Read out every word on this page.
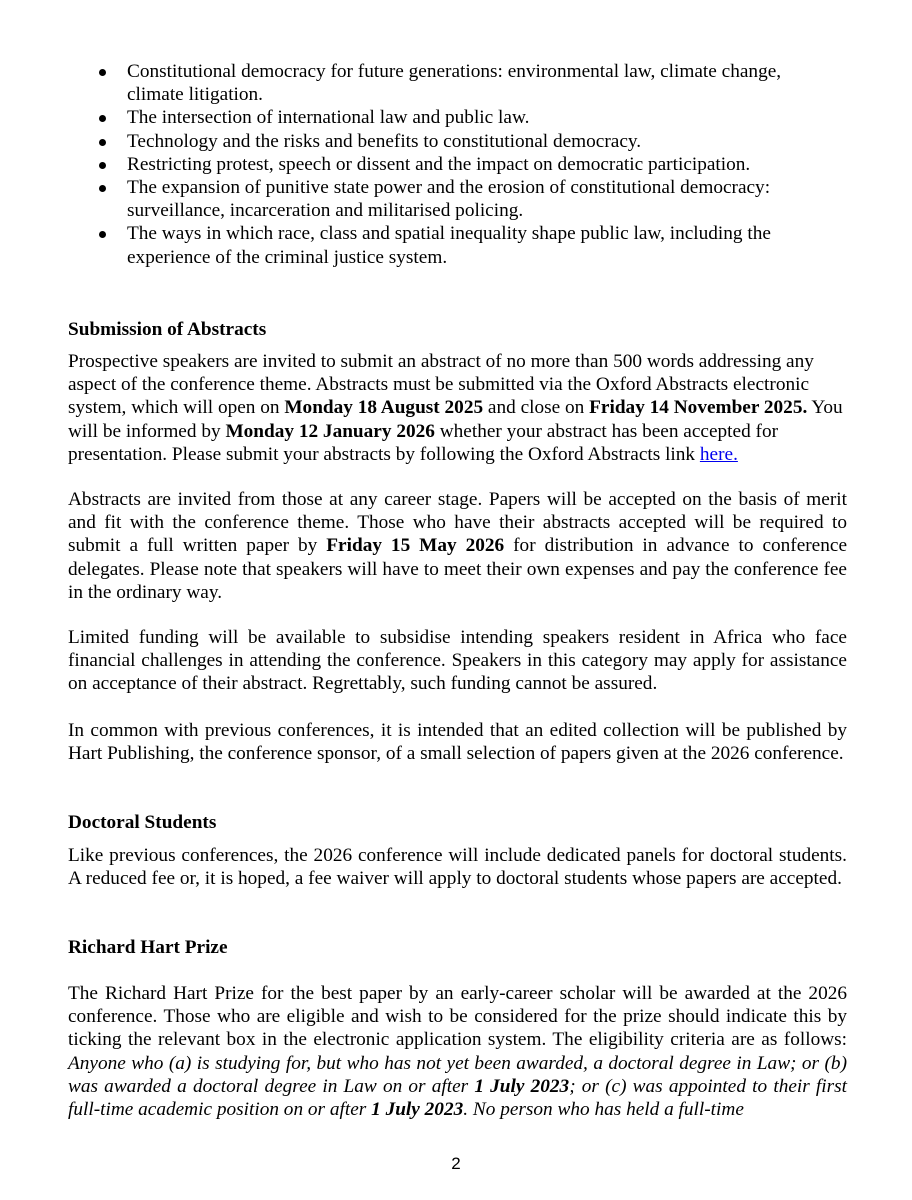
Constitutional democracy for future generations: environmental law, climate change, climate litigation.
The intersection of international law and public law.
Technology and the risks and benefits to constitutional democracy.
Restricting protest, speech or dissent and the impact on democratic participation.
The expansion of punitive state power and the erosion of constitutional democracy: surveillance, incarceration and militarised policing.
The ways in which race, class and spatial inequality shape public law, including the experience of the criminal justice system.
Submission of Abstracts

Prospective speakers are invited to submit an abstract of no more than 500 words addressing any aspect of the conference theme. Abstracts must be submitted via the Oxford Abstracts electronic system, which will open on Monday 18 August 2025 and close on Friday 14 November 2025. You will be informed by Monday 12 January 2026 whether your abstract has been accepted for presentation. Please submit your abstracts by following the Oxford Abstracts link here.

Abstracts are invited from those at any career stage. Papers will be accepted on the basis of merit and fit with the conference theme. Those who have their abstracts accepted will be required to submit a full written paper by Friday 15 May 2026 for distribution in advance to conference delegates. Please note that speakers will have to meet their own expenses and pay the conference fee in the ordinary way.

Limited funding will be available to subsidise intending speakers resident in Africa who face financial challenges in attending the conference. Speakers in this category may apply for assistance on acceptance of their abstract. Regrettably, such funding cannot be assured.

In common with previous conferences, it is intended that an edited collection will be published by Hart Publishing, the conference sponsor, of a small selection of papers given at the 2026 conference.

Doctoral Students

Like previous conferences, the 2026 conference will include dedicated panels for doctoral students. A reduced fee or, it is hoped, a fee waiver will apply to doctoral students whose papers are accepted.

Richard Hart Prize

The Richard Hart Prize for the best paper by an early-career scholar will be awarded at the 2026 conference. Those who are eligible and wish to be considered for the prize should indicate this by ticking the relevant box in the electronic application system. The eligibility criteria are as follows: Anyone who (a) is studying for, but who has not yet been awarded, a doctoral degree in Law; or (b) was awarded a doctoral degree in Law on or after 1 July 2023; or (c) was appointed to their first full-time academic position on or after 1 July 2023. No person who has held a full-time

2
